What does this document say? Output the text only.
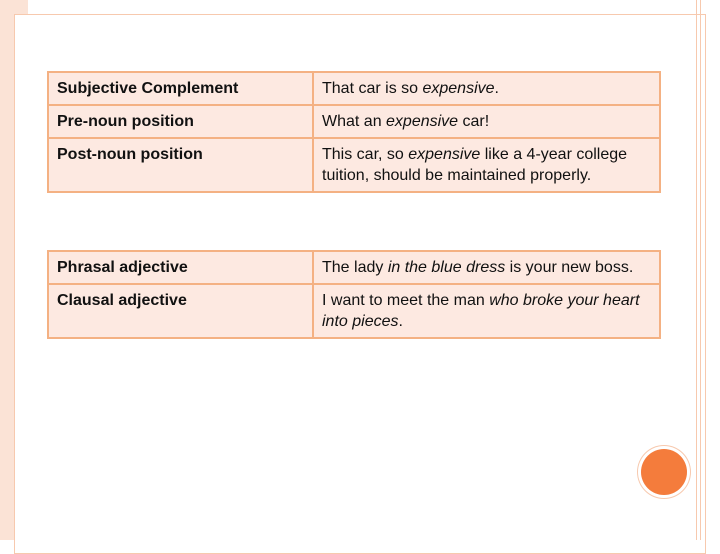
Subjective Complement	That car is so expensive.
Pre-noun position	What an expensive car!
Post-noun position	This car, so expensive like a 4-year college tuition, should be maintained properly.
Phrasal adjective	The lady in the blue dress is your new boss.
Clausal adjective	I want to meet the man who broke your heart into pieces.
